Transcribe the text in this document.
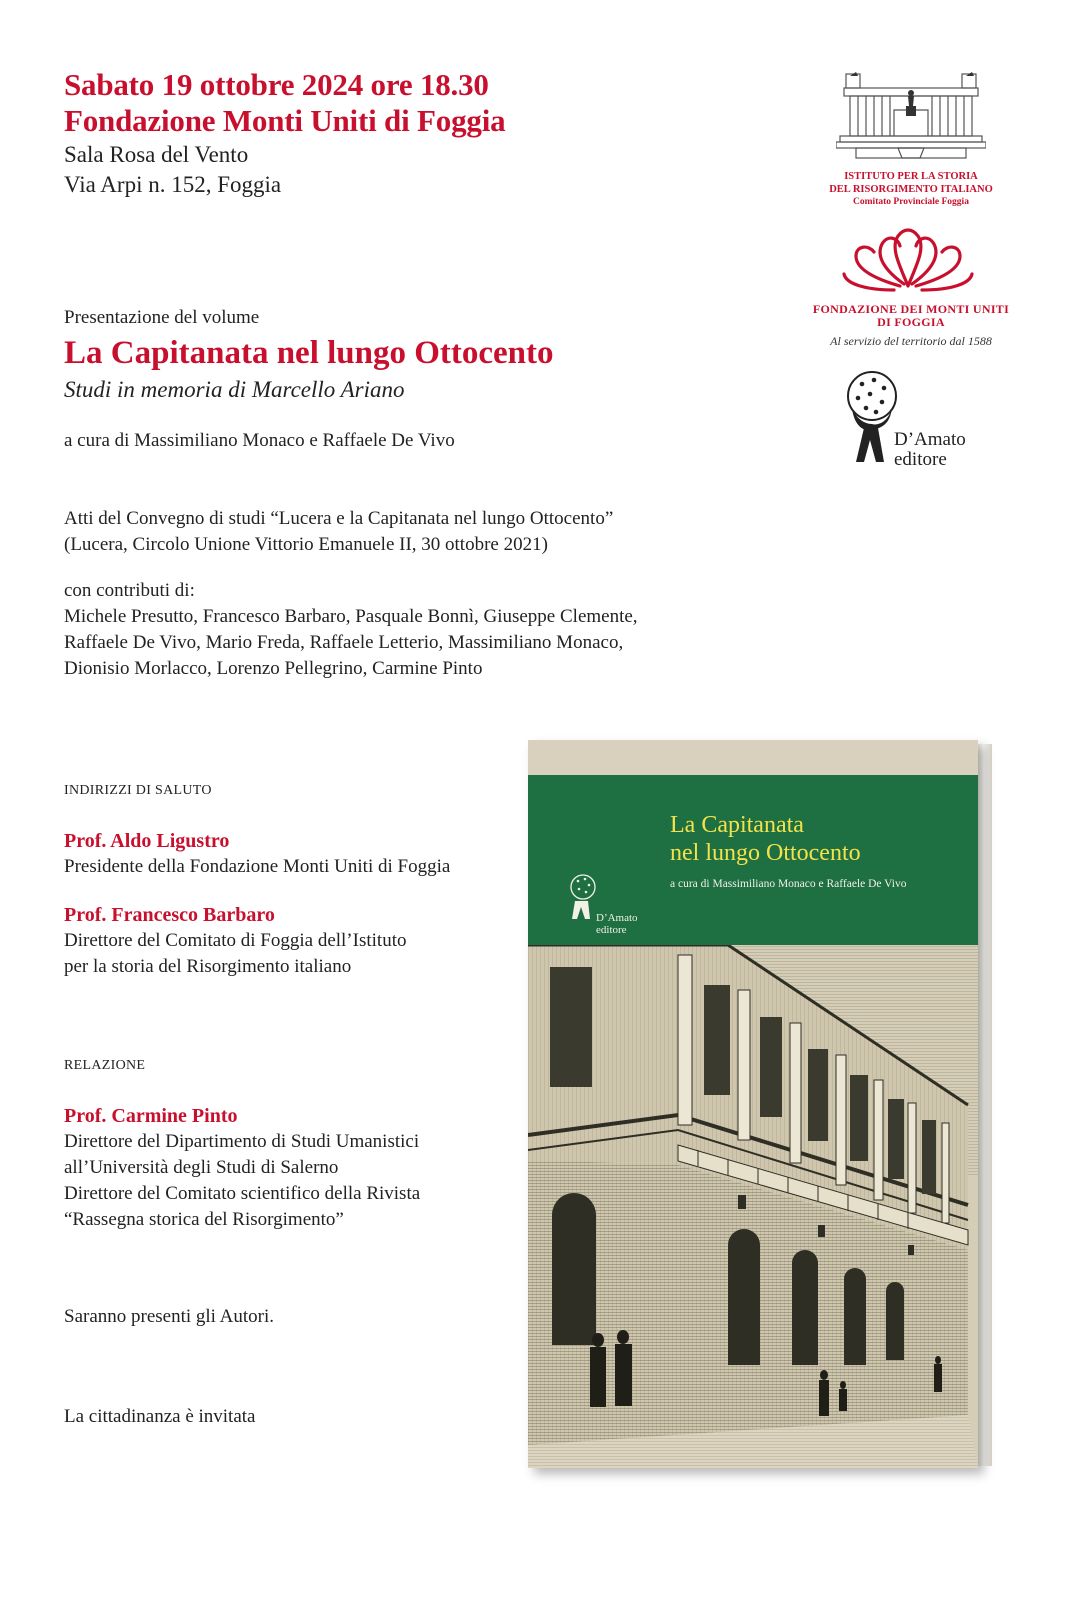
Sabato 19 ottobre 2024 ore 18.30
Fondazione Monti Uniti di Foggia
Sala Rosa del Vento
Via Arpi n. 152, Foggia
Presentazione del volume
La Capitanata nel lungo Ottocento
Studi in memoria di Marcello Ariano
a cura di Massimiliano Monaco e Raffaele De Vivo
Atti del Convegno di studi “Lucera e la Capitanata nel lungo Ottocento”
(Lucera, Circolo Unione Vittorio Emanuele II, 30 ottobre 2021)
con contributi di:
Michele Presutto, Francesco Barbaro, Pasquale Bonnì, Giuseppe Clemente,
Raffaele De Vivo, Mario Freda, Raffaele Letterio, Massimiliano Monaco,
Dionisio Morlacco, Lorenzo Pellegrino, Carmine Pinto
INDIRIZZI DI SALUTO
Prof. Aldo Ligustro
Presidente della Fondazione Monti Uniti di Foggia
Prof. Francesco Barbaro
Direttore del Comitato di Foggia dell’Istituto
per la storia del Risorgimento italiano
RELAZIONE
Prof. Carmine Pinto
Direttore del Dipartimento di Studi Umanistici
all’Università degli Studi di Salerno
Direttore del Comitato scientifico della Rivista
“Rassegna storica del Risorgimento”
Saranno presenti gli Autori.
La cittadinanza è invitata
ISTITUTO PER LA STORIA
DEL RISORGIMENTO ITALIANO
Comitato Provinciale Foggia
FONDAZIONE DEI MONTI UNITI
DI FOGGIA
Al servizio del territorio dal 1588
D’Amato
editore
La Capitanata
nel lungo Ottocento
a cura di Massimiliano Monaco e Raffaele De Vivo
D’Amato
editore
